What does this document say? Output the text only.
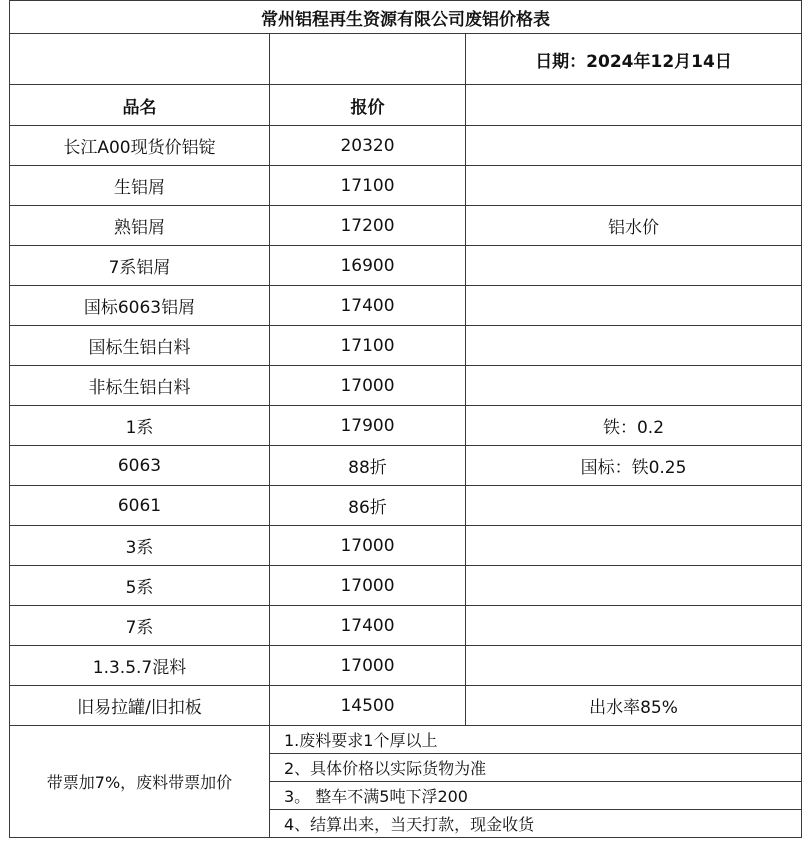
常州铝程再生资源有限公司废铝价格表		
		日期：2024年12月14日
品名	报价	
长江A00现货价铝锭	20320	
生铝屑	17100	
熟铝屑	17200	铝水价
7系铝屑	16900	
国标6063铝屑	17400	
国标生铝白料	17100	
非标生铝白料	17000	
1系	17900	铁：0.2
6063	88折	国标：铁0.25
6061	86折	
3系	17000	
5系	17000	
7系	17400	
1.3.5.7混料	17000	
旧易拉罐/旧扣板	14500	出水率85%
带票加7%，废料带票加价	1.废料要求1个厚以上	
	2、具体价格以实际货物为准	
	3。 整车不满5吨下浮200	
	4、结算出来，当天打款，现金收货	
